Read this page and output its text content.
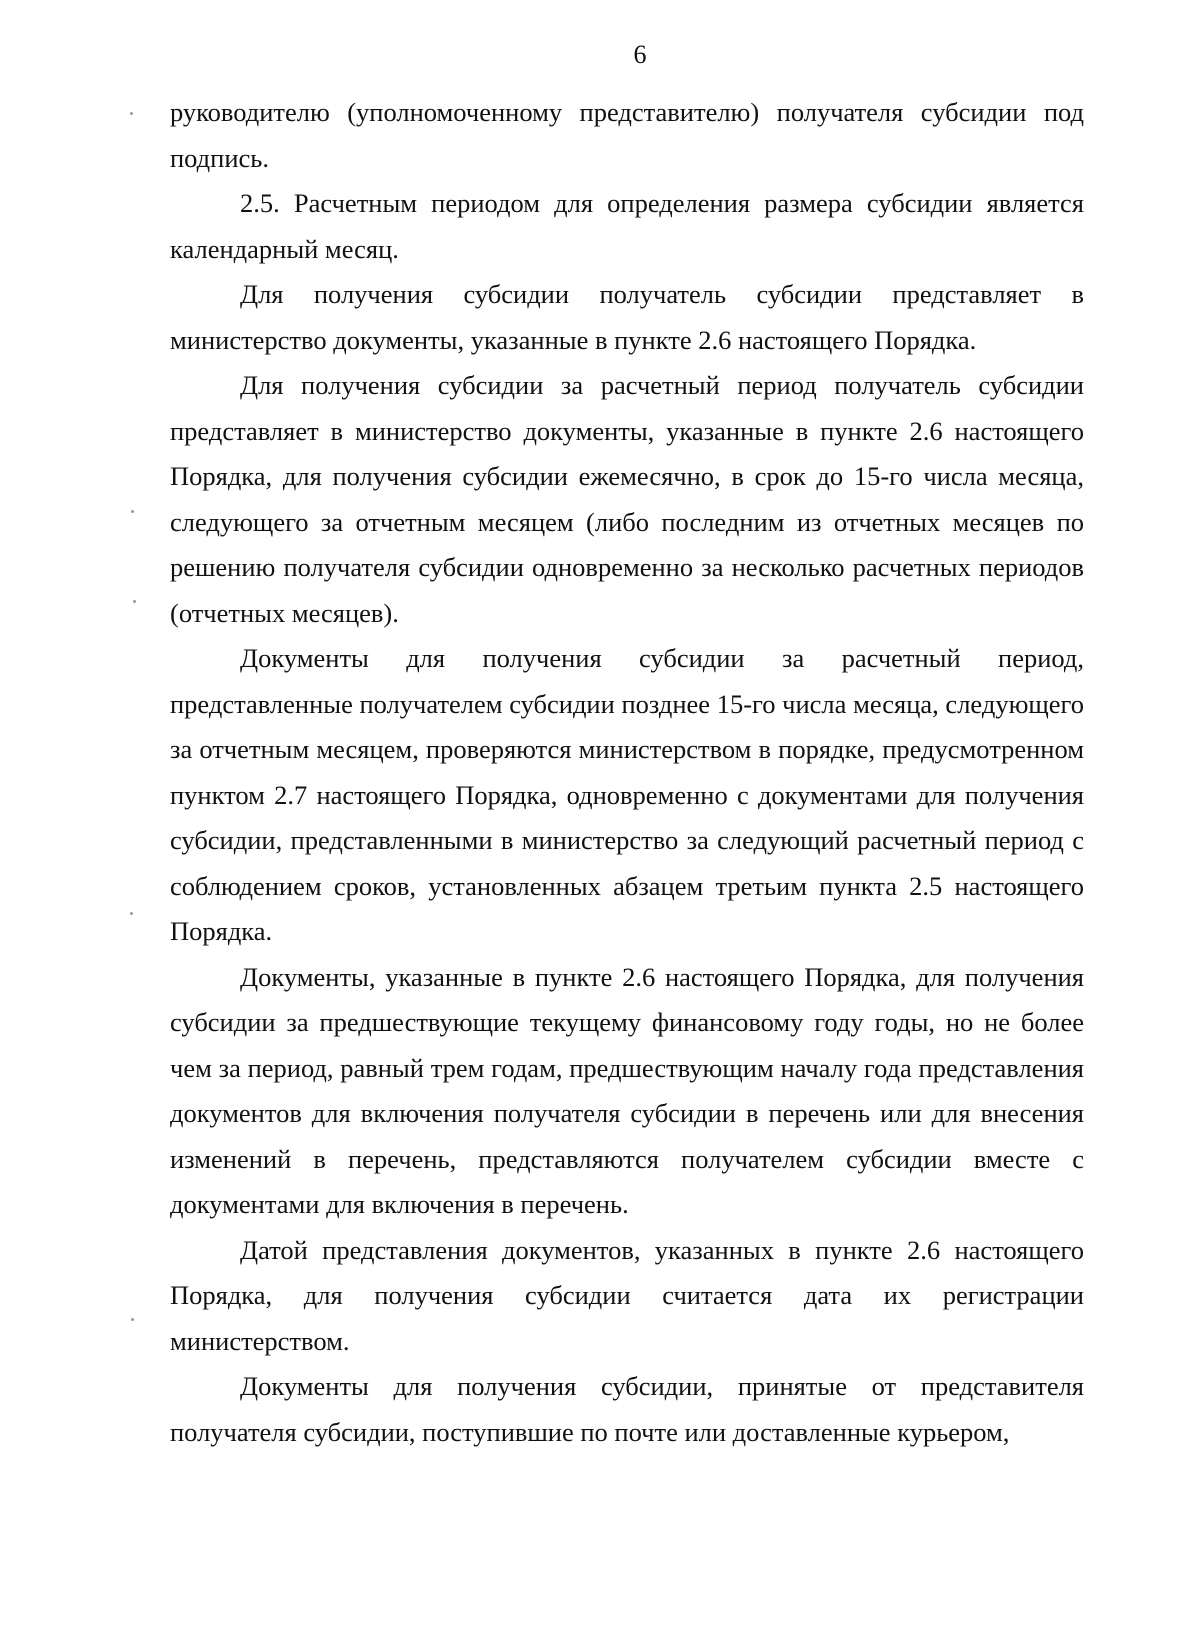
6

руководителю (уполномоченному представителю) получателя субсидии под подпись.

2.5. Расчетным периодом для определения размера субсидии является календарный месяц.

Для получения субсидии получатель субсидии представляет в министерство документы, указанные в пункте 2.6 настоящего Порядка.

Для получения субсидии за расчетный период получатель субсидии представляет в министерство документы, указанные в пункте 2.6 настоящего Порядка, для получения субсидии ежемесячно, в срок до 15-го числа месяца, следующего за отчетным месяцем (либо последним из отчетных месяцев по решению получателя субсидии одновременно за несколько расчетных периодов (отчетных месяцев).

Документы для получения субсидии за расчетный период, представленные получателем субсидии позднее 15-го числа месяца, следующего за отчетным месяцем, проверяются министерством в порядке, предусмотренном пунктом 2.7 настоящего Порядка, одновременно с документами для получения субсидии, представленными в министерство за следующий расчетный период с соблюдением сроков, установленных абзацем третьим пункта 2.5 настоящего Порядка.

Документы, указанные в пункте 2.6 настоящего Порядка, для получения субсидии за предшествующие текущему финансовому году годы, но не более чем за период, равный трем годам, предшествующим началу года представления документов для включения получателя субсидии в перечень или для внесения изменений в перечень, представляются получателем субсидии вместе с документами для включения в перечень.

Датой представления документов, указанных в пункте 2.6 настоящего Порядка, для получения субсидии считается дата их регистрации министерством.

Документы для получения субсидии, принятые от представителя получателя субсидии, поступившие по почте или доставленные курьером,
